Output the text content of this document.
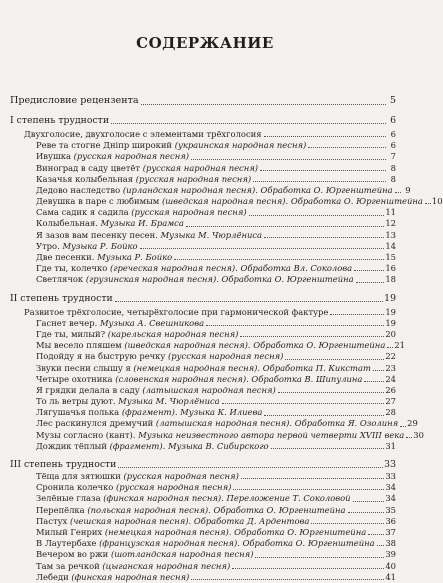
СОДЕРЖАНИЕ
Предисловие рецензента	5
I степень трудности	6
Двухголосие, двухголосие с элементами трёхголосия	6
Реве та стогне Днiпр широкий (украинская народная песня)	6
Ивушка (русская народная песня)	7
Виноград в саду цветёт (русская народная песня)	8
Казачья колыбельная (русская народная песня)	8
Дедово наследство (ирландская народная песня). Обработка О. Юргенштейна	9
Девушка в паре с любимым (шведская народная песня). Обработка О. Юргенштейна 10
Сама садик я садила (русская народная песня)	11
Колыбельная. Музыка И. Брамса	12
Я зазов вам песенку песен. Музыка М. Чюрлёниса	13
Утро. Музыка Р. Бойко	14
Две песенки. Музыка Р. Бойко	15
Где ты, колечко (греческая народная песня). Обработка Вл. Соколова	16
Светлячок (грузинская народная песня). Обработка О. Юргенштейна	18
II степень трудности	19
Развитое трёхголосие, четырёхголосие при гармонической фактуре	19
Гаснет вечер. Музыка А. Свешникова	19
Где ты, милый? (карельская народная песня)	20
Мы весело пляшем (шведская народная песня). Обработка О. Юргенштейна 21
Подойду я на быструю речку (русская народная песня)	22
Звуки песни слышу я (немецкая народная песня). Обработка П. Кикстат 23
Четыре охотника (словенская народная песня). Обработка В. Шипулина	24
Я грядки делала в саду (латышская народная песня)	26
То ль ветры дуют. Музыка М. Чюрлёниса	27
Лягушачья полька (фрагмент). Музыка К. Илиева	28
Лес раскинулся дремучий (латышская народная песня). Обработка Я. Озолиня 29
Музы согласно (кант). Музыка неизвестного автора первой четверти XVIII века 30
Дождик тёплый (фрагмент). Музыка В. Сибирского	31
III степень трудности	33
Тёща для зятюшки (русская народная песня)	33
Сронила колечко (русская народная песня)	34
Зелёные глаза (финская народная песня). Переложение Т. Соколовой	34
Перепёлка (польская народная песня). Обработка О. Юргенштейна	35
Пастух (чешская народная песня). Обработка Д. Ардентова	36
Милый Генрих (немецкая народная песня). Обработка О. Юргенштейна 37
В Лаутербахе (французская народная песня). Обработка О. Юргенштейна 38
Вечером во ржи (шотландская народная песня)	39
Там за речкой (цыганская народная песня)	40
Лебеди (финская народная песня)	41
